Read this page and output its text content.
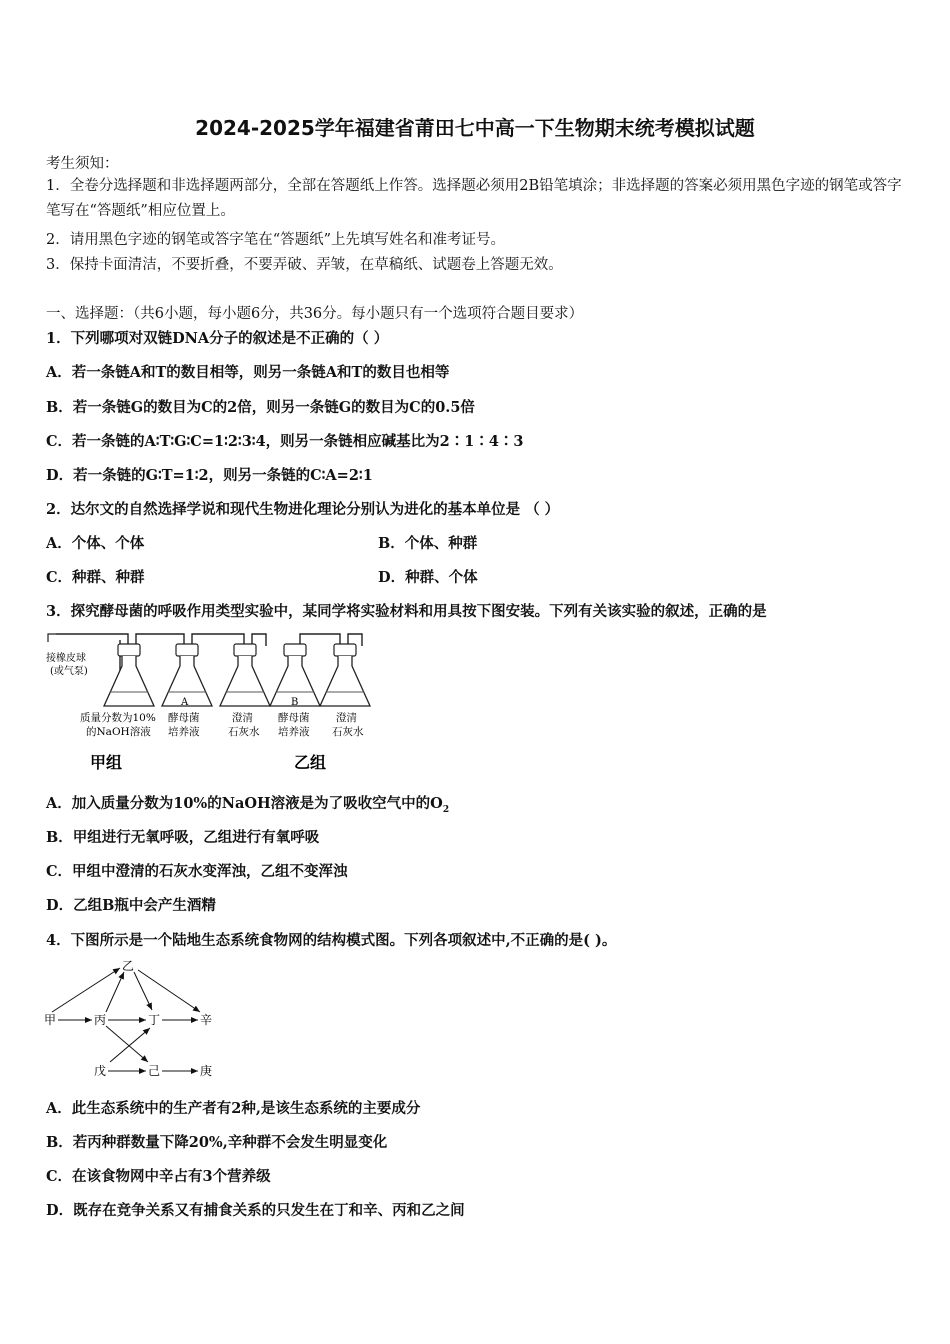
2024-2025学年福建省莆田七中高一下生物期末统考模拟试题
考生须知：
1．全卷分选择题和非选择题两部分，全部在答题纸上作答。选择题必须用2B铅笔填涂；非选择题的答案必须用黑色字迹的钢笔或答字笔写在“答题纸”相应位置上。
2．请用黑色字迹的钢笔或答字笔在“答题纸”上先填写姓名和准考证号。
3．保持卡面清洁，不要折叠，不要弄破、弄皱，在草稿纸、试题卷上答题无效。
一、选择题：（共6小题，每小题6分，共36分。每小题只有一个选项符合题目要求）
1．下列哪项对双链DNA分子的叙述是不正确的（ ）
A．若一条链A和T的数目相等，则另一条链A和T的数目也相等
B．若一条链G的数目为C的2倍，则另一条链G的数目为C的0.5倍
C．若一条链的A∶T∶G∶C=1∶2∶3∶4，则另一条链相应碱基比为2∶1∶4∶3
D．若一条链的G∶T=1∶2，则另一条链的C∶A=2∶1
2．达尔文的自然选择学说和现代生物进化理论分别认为进化的基本单位是 （ ）
A．个体、个体	B．个体、种群
C．种群、种群	D．种群、个体
3．探究酵母菌的呼吸作用类型实验中，某同学将实验材料和用具按下图安装。下列有关该实验的叙述，正确的是
接橡皮球
(或气泵)
A	B
质量分数为10%
的NaOH溶液
酵母菌
培养液
澄清
石灰水
酵母菌
培养液
澄清
石灰水
甲组	乙组
A．加入质量分数为10%的NaOH溶液是为了吸收空气中的$O_2$
B．甲组进行无氧呼吸，乙组进行有氧呼吸
C．甲组中澄清的石灰水变浑浊，乙组不变浑浊
D．乙组B瓶中会产生酒精
4．下图所示是一个陆地生态系统食物网的结构模式图。下列各项叙述中,不正确的是( )。
乙
甲	丙	丁	辛
戊	己	庚
A．此生态系统中的生产者有2种,是该生态系统的主要成分
B．若丙种群数量下降20%,辛种群不会发生明显变化
C．在该食物网中辛占有3个营养级
D．既存在竞争关系又有捕食关系的只发生在丁和辛、丙和乙之间
